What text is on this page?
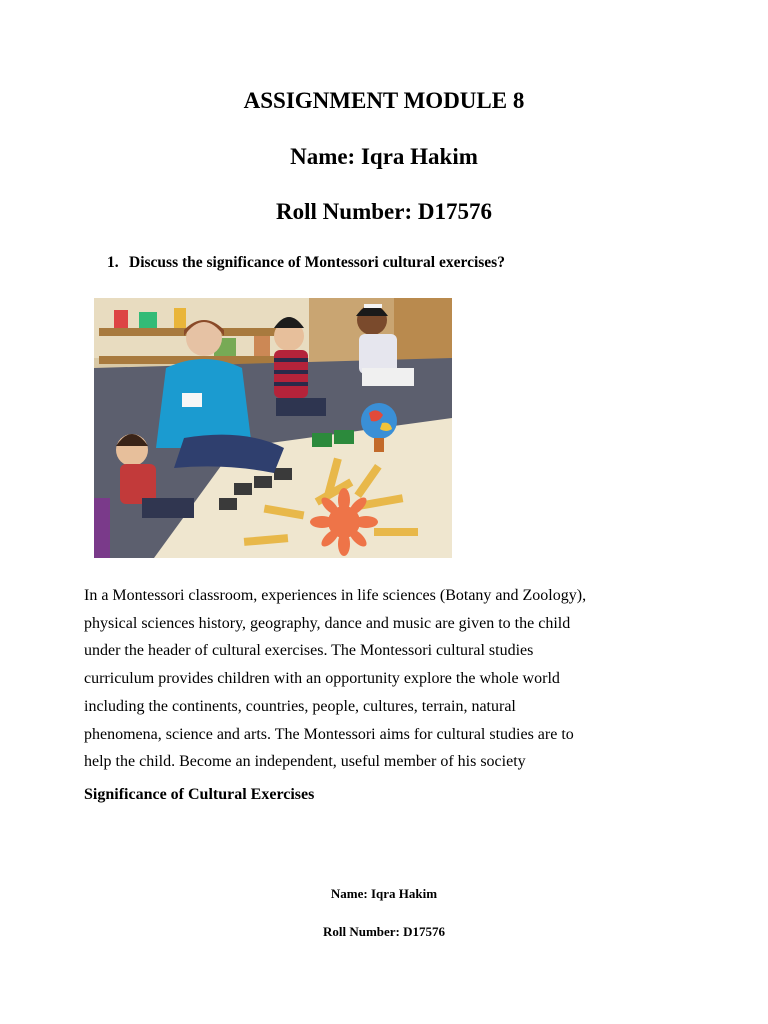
ASSIGNMENT MODULE 8
Name: Iqra Hakim
Roll Number: D17576
1. Discuss the significance of Montessori cultural exercises?
In a Montessori classroom, experiences in life sciences (Botany and Zoology),
physical sciences history, geography, dance and music are given to the child
under the header of cultural exercises. The Montessori cultural studies
curriculum provides children with an opportunity explore the whole world
including the continents, countries, people, cultures, terrain, natural
phenomena, science and arts. The Montessori aims for cultural studies are to
help the child. Become an independent, useful member of his society
Significance of Cultural Exercises
Name: Iqra Hakim
Roll Number: D17576
